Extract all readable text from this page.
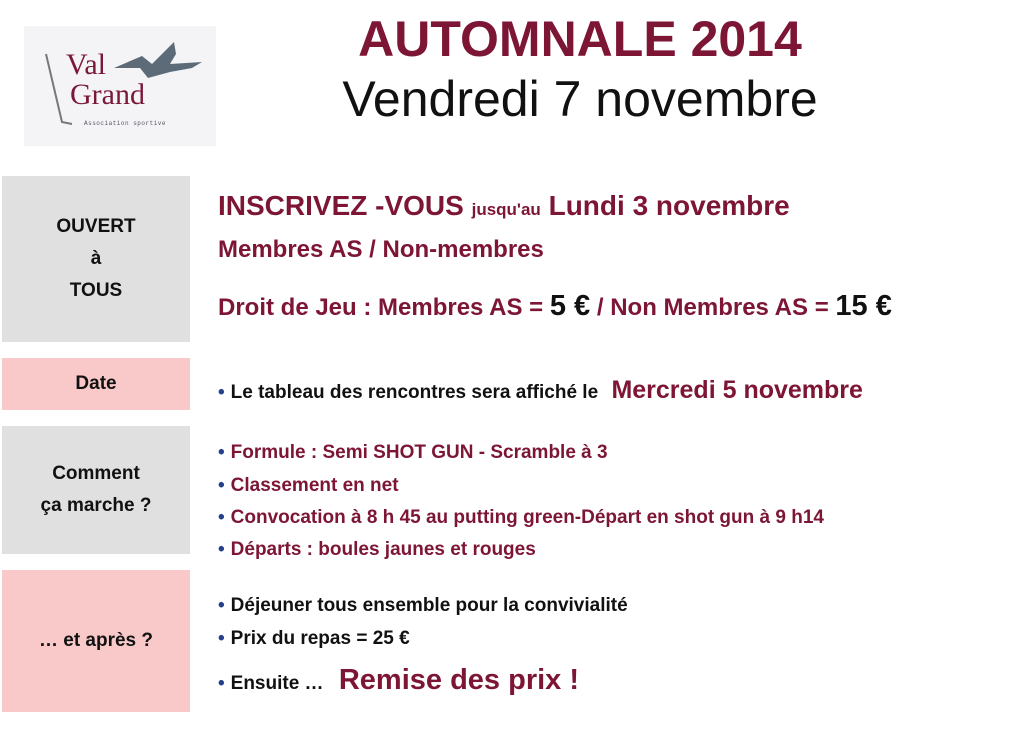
Val
Grand
Association sportive
AUTOMNALE 2014
Vendredi 7 novembre
OUVERT
à
TOUS
INSCRIVEZ -VOUS jusqu'au Lundi 3 novembre
Membres AS / Non-membres
Droit de Jeu : Membres AS = 5 € / Non Membres AS = 15 €
Date	• Le tableau des rencontres sera affiché le Mercredi 5 novembre
Comment
ça marche ?
• Formule : Semi SHOT GUN - Scramble à 3
• Classement en net
• Convocation à 8 h 45 au putting green-Départ en shot gun à 9 h14
• Départs : boules jaunes et rouges
… et après ?
• Déjeuner tous ensemble pour la convivialité
• Prix du repas = 25 €
• Ensuite … Remise des prix !
